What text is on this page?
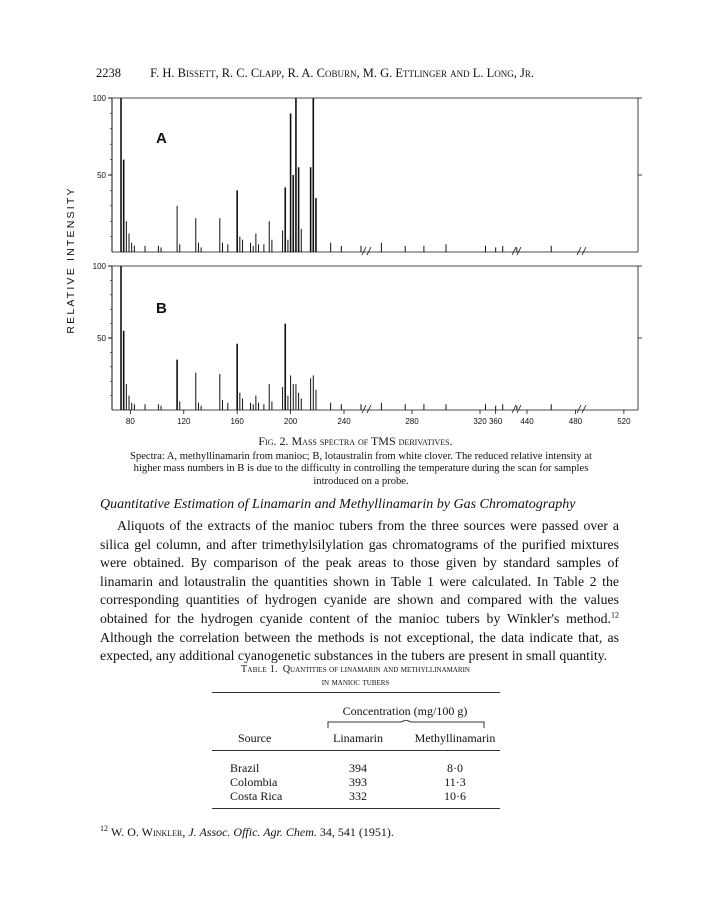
2238 F. H. Bissett, R. C. Clapp, R. A. Coburn, M. G. Ettlinger and L. Long, Jr.
RELATIVE INTENSITY
A
B
100
50
100
50
80	120	160	200	240	280	320 360 440	480	520
Fig. 2. Mass spectra of TMS derivatives.
Spectra: A, methyllinamarin from manioc; B, lotaustralin from white clover. The reduced relative intensity at higher mass numbers in B is due to the difficulty in controlling the temperature during the scan for samples introduced on a probe.
Quantitative Estimation of Linamarin and Methyllinamarin by Gas Chromatography

Aliquots of the extracts of the manioc tubers from the three sources were passed over a silica gel column, and after trimethylsilylation gas chromatograms of the purified mixtures were obtained. By comparison of the peak areas to those given by standard samples of linamarin and lotaustralin the quantities shown in Table 1 were calculated. In Table 2 the corresponding quantities of hydrogen cyanide are shown and compared with the values obtained for the hydrogen cyanide content of the manioc tubers by Winkler's method.$^{12}$ Although the correlation between the methods is not exceptional, the data indicate that, as expected, any additional cyanogenetic substances in the tubers are present in small quantity.

Table 1. Quantities of linamarin and methyllinamarin
in manioc tubers
Concentration (mg/100 g)
Source	Linamarin	Methyllinamarin
Brazil	394	8·0
Colombia	393	11·3
Costa Rica	332	10·6
$^{12}$ W. O. Winkler, J. Assoc. Offic. Agr. Chem. 34, 541 (1951).
